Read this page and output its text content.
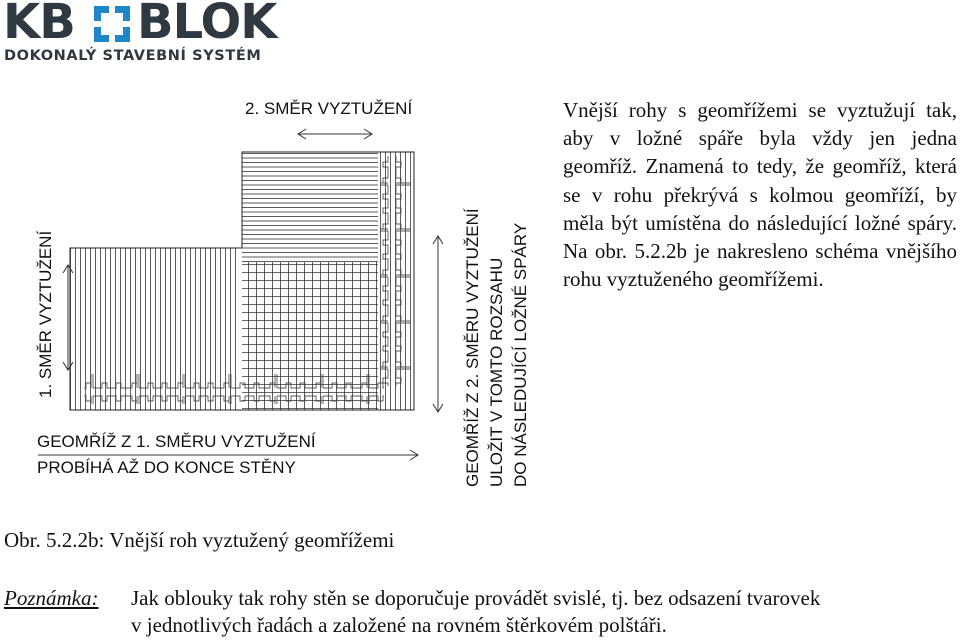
KB BLOK
DOKONALÝ STAVEBNÍ SYSTÉM
2. SMĚR VYZTUŽENÍ
1. SMĚR VYZTUŽENÍ
GEOMŘÍŽ Z 1. SMĚRU VYZTUŽENÍ
PROBÍHÁ AŽ DO KONCE STĚNY	GEOMŘÍŽ Z 2. SMĚRU VYZTUŽENÍ ULOŽIT V TOMTO ROZSAHU DO NÁSLEDUJÍCÍ LOŽNÉ SPÁRY
Vnější rohy s geomřížemi se vyztužují tak, aby v ložné spáře byla vždy jen jedna geomříž. Znamená to tedy, že geomříž, která se v rohu překrývá s kolmou geomříží, by měla být umístěna do následující ložné spáry. Na obr. 5.2.2b je nakresleno schéma vnějšího rohu vyztuženého geomřížemi.
Obr. 5.2.2b: Vnější roh vyztužený geomřížemi
Poznámka: Jak oblouky tak rohy stěn se doporučuje provádět svislé, tj. bez odsazení tvarovek
v jednotlivých řadách a založené na rovném štěrkovém polštáři.
